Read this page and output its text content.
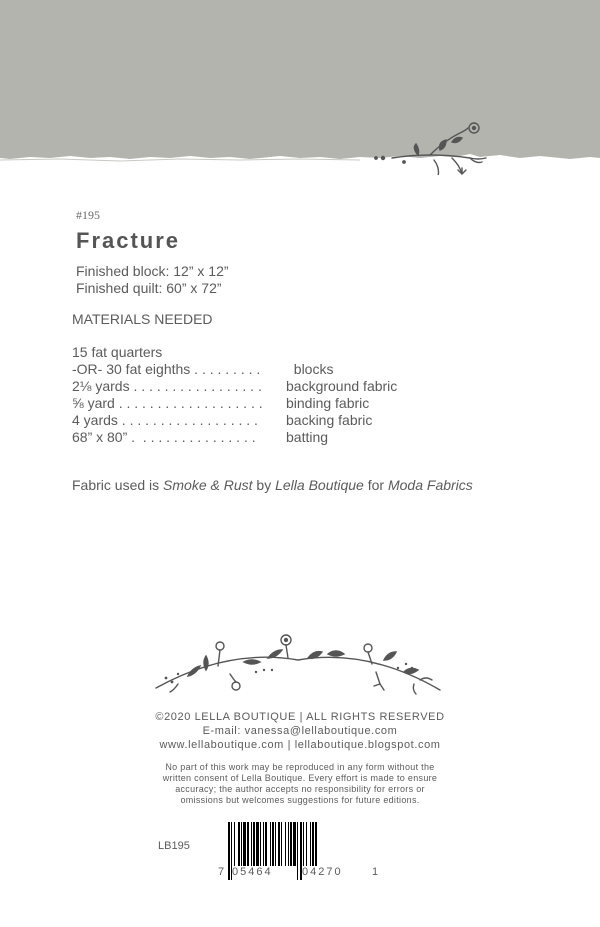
#195
Fracture
Finished block: 12” x 12”
Finished quilt: 60” x 72”
MATERIALS NEEDED

15 fat quarters

-OR- 30 fat eighths . . . . . . . . .

blocks

2⅛ yards . . . . . . . . . . . . . . . . .

background fabric

⅝ yard . . . . . . . . . . . . . . . . . . .

binding fabric

4 yards . . . . . . . . . . . . . . . . . .

backing fabric

68” x 80” .  . . . . . . . . . . . . . . .

batting

Fabric used is Smoke & Rust by Lella Boutique for Moda Fabrics
©2020 LELLA BOUTIQUE | ALL RIGHTS RESERVED
E-mail: vanessa@lellaboutique.com
www.lellaboutique.com | lellaboutique.blogspot.com
No part of this work may be reproduced in any form without the
written consent of Lella Boutique. Every effort is made to ensure
accuracy; the author accepts no responsibility for errors or
omissions but welcomes suggestions for future editions.
LB195
7 05464	04270	1
